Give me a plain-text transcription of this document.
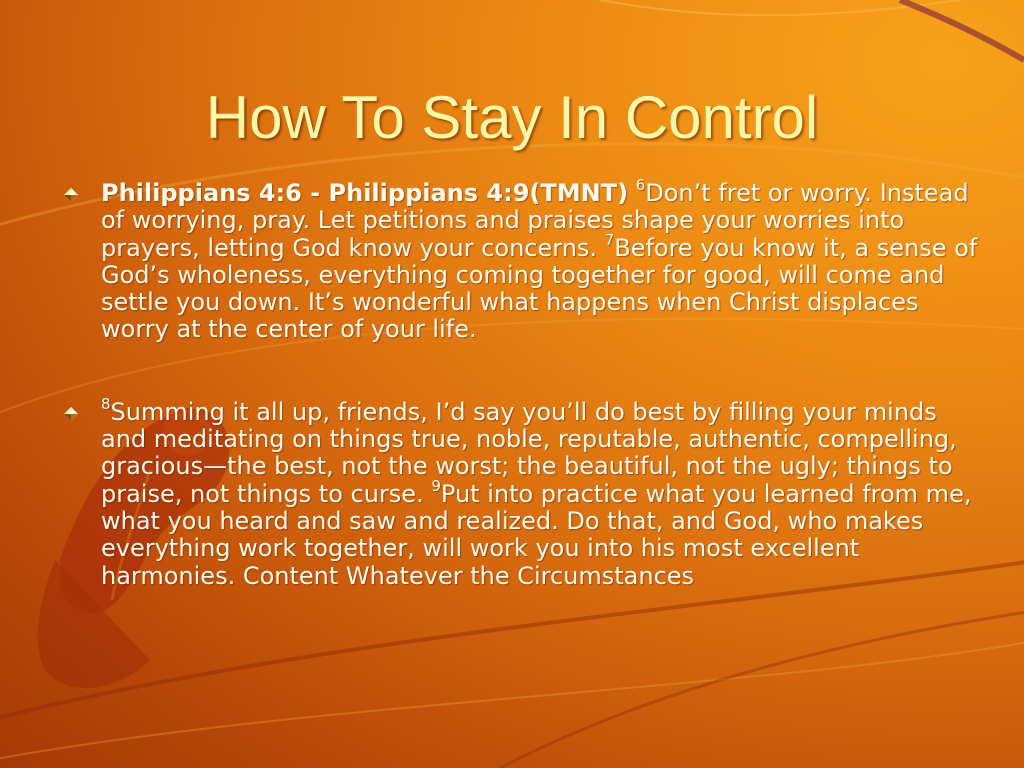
How To Stay In Control
Philippians 4:6 - Philippians 4:9(TMNT) $^6$Don’t fret or worry. Instead of worrying, pray. Let petitions and praises shape your worries into prayers, letting God know your concerns. $^7$Before you know it, a sense of God’s wholeness, everything coming together for good, will come and settle you down. It’s wonderful what happens when Christ displaces worry at the center of your life.
$^8$Summing it all up, friends, I’d say you’ll do best by filling your minds and meditating on things true, noble, reputable, authentic, compelling, gracious—the best, not the worst; the beautiful, not the ugly; things to praise, not things to curse. $^9$Put into practice what you learned from me, what you heard and saw and realized. Do that, and God, who makes everything work together, will work you into his most excellent harmonies. Content Whatever the Circumstances
